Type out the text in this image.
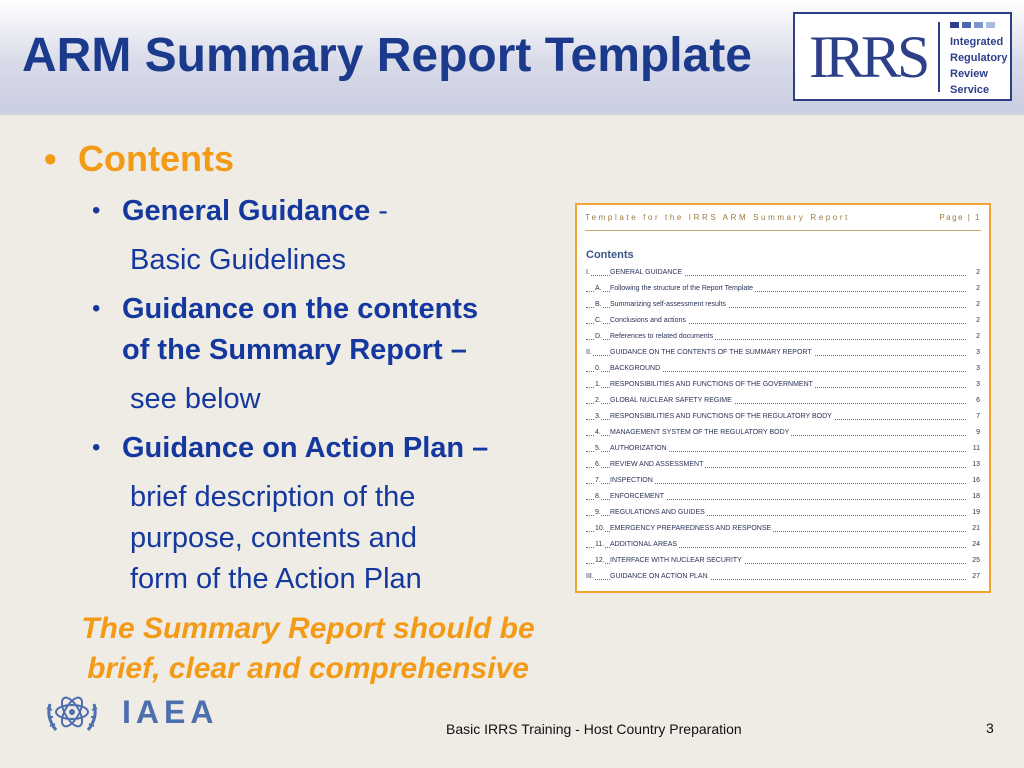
ARM Summary Report Template IRRS Integrated
Regulatory
Review
Service
• Contents
• General Guidance -
Basic Guidelines
• Guidance on the contents
of the Summary Report –
see below
• Guidance on Action Plan –
brief description of the
purpose, contents and
form of the Action Plan
The Summary Report should be
brief, clear and comprehensive
Template for the IRRS ARM Summary Report	Page | 1
Contents
I.	GENERAL GUIDANCE	2
A. Following the structure of the Report Template	2
B. Summarizing self-assessment results	2
C. Conclusions and actions	2
D. References to related documents	2
II.	GUIDANCE ON THE CONTENTS OF THE SUMMARY REPORT	3
0. BACKGROUND	3
1. RESPONSIBILITIES AND FUNCTIONS OF THE GOVERNMENT	3
2. GLOBAL NUCLEAR SAFETY REGIME	6
3. RESPONSIBILITIES AND FUNCTIONS OF THE REGULATORY BODY	7
4. MANAGEMENT SYSTEM OF THE REGULATORY BODY	9
5. AUTHORIZATION	11
6. REVIEW AND ASSESSMENT	13
7. INSPECTION	16
8. ENFORCEMENT	18
9. REGULATIONS AND GUIDES	19
10. EMERGENCY PREPAREDNESS AND RESPONSE	21
11. ADDITIONAL AREAS	24
12. INTERFACE WITH NUCLEAR SECURITY	25
III. GUIDANCE ON ACTION PLAN	27
IAEA	Basic IRRS Training - Host Country Preparation	3
